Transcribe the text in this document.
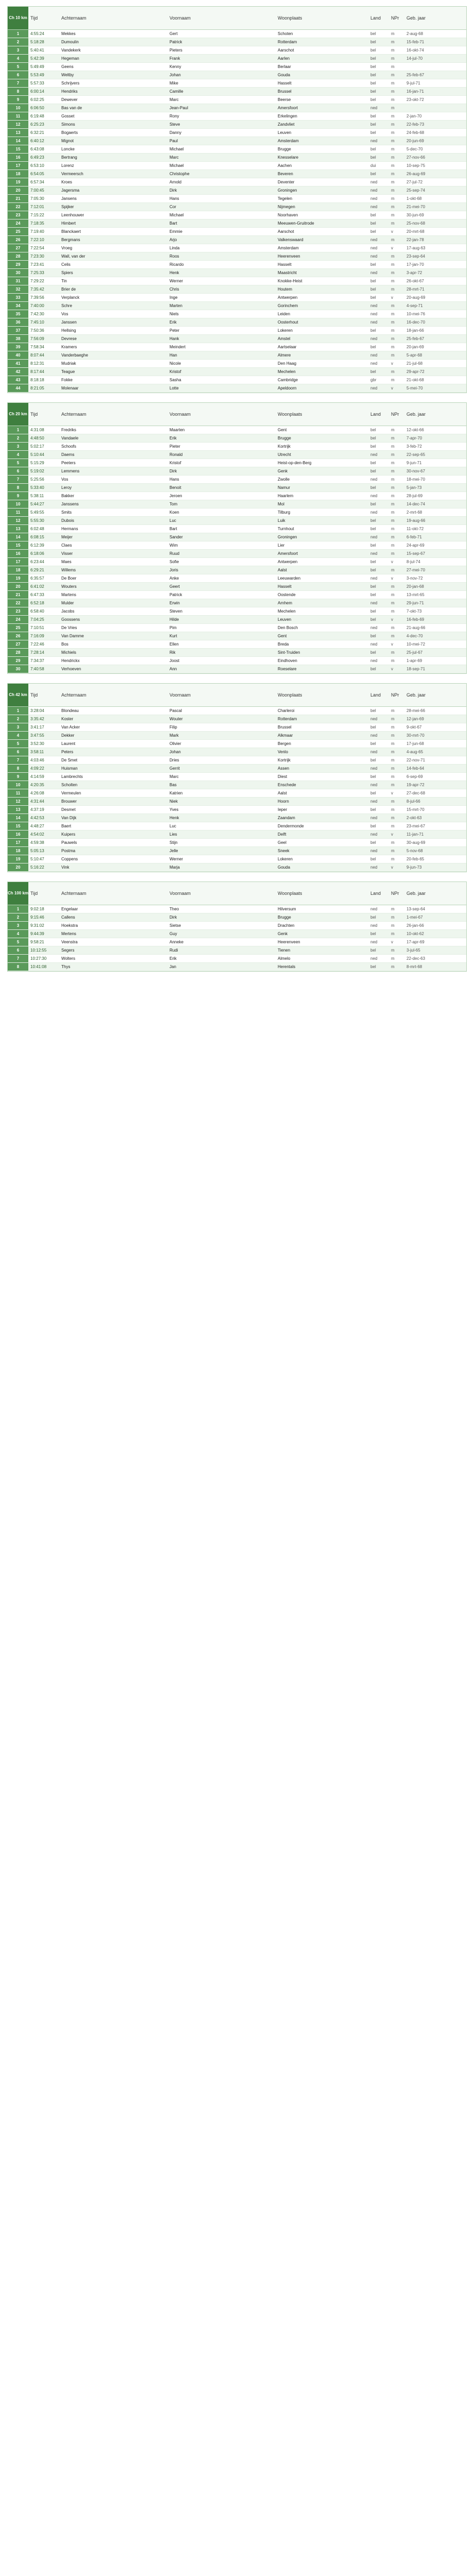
Ch 10 km Tijd	Achternaam	Voornaam	Woonplaats	Land	NPr	Geb. jaar
1	4:55:24	Mekkes	Gert	Schoten	bel	m	2-aug-68
2	5:18:28	Dumoulin	Patrick	Rotterdam	bel	m	15-feb-71
3	5:40:41	Vandekerk	Pieters	Aarschot	bel	m	16-okt-74
4	5:42:39	Hegeman	Frank	Aarlen	bel	m	14-jul-70
5	5:49:49	Geens	Kenny	Berlaar	bel	m
6	5:53:49	Weltby	Johan	Gouda	bel	m	25-feb-67
7	5:57:33	Schrijvers	Mike	Hasselt	bel	m	9-jul-71
8	6:00:14	Hendriks	Camille	Brussel	bel	m	16-jan-71
9	6:02:25	Dewever	Marc	Beerse	bel	m	23-okt-72
10	6:06:50	Bas van de	Jean-Paul	Amersfoort	ned	m
11	6:19:48	Gosset	Rony	Erkelingen	bel	m	2-jan-70
12	6:25:23	Simons	Steve	Zandvliet	bel	m	22-feb-73
13	6:32:21	Bogaerts	Danny	Leuven	bel	m	24-feb-68
14	6:40:12	Mignot	Paul	Amsterdam	ned	m	20-jun-69
15	6:43:08	Loncke	Michael	Brugge	bel	m	5-dec-70
16	6:49:23	Bertrang	Marc	Knesselare	bel	m	27-nov-66
17	6:53:10	Lorenz	Michael	Aachen	dui	m	10-sep-75
18	6:54:05	Vermeersch	Christophe	Beveren	bel	m	26-aug-69
19	6:57:34	Kroes	Arnold	Deventer	ned	m	27-jul-72
20	7:00:45	Jagersma	Dirk	Groningen	ned	m	25-sep-74
21	7:05:30	Jansens	Hans	Tegelen	ned	m	1-okt-68
22	7:12:01	Spijker	Cor	Nijmegen	ned	m	21-mei-70
23	7:15:22	Leenhouwer	Michael	Noorhaven	bel	m	30-jun-69
24	7:18:35	Himbert	Bart	Meeuwen-Gruitrode	bel	m	25-nov-68
25	7:19:40	Blanckaert	Emmie	Aarschot	bel	v	20-mrt-68
26	7:22:10	Bergmans	Arjo	Valkenswaard	ned	m	22-jan-78
27	7:22:54	Vroeg	Linda	Amsterdam	ned	v	17-aug-63
28	7:23:30	Wall, van der	Roos	Heerenveen	ned	m	23-sep-64
29	7:23:41	Celis	Ricardo	Hasselt	bel	m	17-jan-70
30	7:25:33	Spiers	Henk	Maastricht	ned	m	3-apr-72
31	7:29:22	Tin	Werner	Knokke-Heist	bel	m	26-okt-67
32	7:35:42	Brier de	Chris	Houtem	bel	m	28-mrt-71
33	7:39:56	Verplanck	Inge	Antwerpen	bel	v	20-aug-69
34	7:40:00	Schre	Marten	Gorinchem	ned	m	4-sep-71
35	7:42:30	Vos	Niels	Leiden	ned	m	10-mei-76
36	7:45:10	Janssen	Erik	Oosterhout	ned	m	16-dec-70
37	7:50:36	Hellsing	Peter	Lokeren	bel	m	18-jan-66
38	7:56:09	Devrese	Hank	Amstel	ned	m	25-feb-67
39	7:58:34	Kramers	Meindert	Aartselaar	bel	m	20-jan-69
40	8:07:44	Vanderbaeghe	Han	Almere	ned	m	5-apr-68
41	8:12:31	Mudriak	Nicole	Den Haag	ned	v	21-jul-68
42	8:17:44	Teague	Kristof	Mechelen	bel	m	29-apr-72
43	8:18:18	Fokke	Sasha	Cambridge	gbr	m	21-okt-68
44	8:21:05	Molenaar	Lotte	Apeldoorn	ned	v	5-mei-70
Ch 20 km Tijd	Achternaam	Voornaam	Woonplaats	Land	NPr	Geb. jaar
1	4:31:08	Fredriks	Maarten	Gent	bel	m	12-okt-66
2	4:48:50	Vandaele	Erik	Brugge	bel	m	7-apr-70
3	5:02:17	Schoofs	Pieter	Kortrijk	bel	m	3-feb-72
4	5:10:44	Daems	Ronald	Utrecht	ned	m	22-sep-65
5	5:15:29	Peeters	Kristof	Heist-op-den-Berg	bel	m	9-jun-71
6	5:19:02	Lemmens	Dirk	Genk	bel	m	30-nov-67
7	5:25:56	Vos	Hans	Zwolle	ned	m	18-mei-70
8	5:33:40	Leroy	Benoit	Namur	bel	m	5-jan-73
9	5:38:11	Bakker	Jeroen	Haarlem	ned	m	28-jul-69
10	5:44:27	Janssens	Tom	Mol	bel	m	14-dec-74
11	5:49:55	Smits	Koen	Tilburg	ned	m	2-mrt-68
12	5:55:30	Dubois	Luc	Luik	bel	m	19-aug-66
13	6:02:48	Hermans	Bart	Turnhout	bel	m	11-okt-72
14	6:08:15	Meijer	Sander	Groningen	ned	m	6-feb-71
15	6:12:39	Claes	Wim	Lier	bel	m	24-apr-69
16	6:18:06	Visser	Ruud	Amersfoort	ned	m	15-sep-67
17	6:23:44	Maes	Sofie	Antwerpen	bel	v	8-jul-74
18	6:29:21	Willems	Joris	Aalst	bel	m	27-mei-70
19	6:35:57	De Boer	Anke	Leeuwarden	ned	v	3-nov-72
20	6:41:02	Wouters	Geert	Hasselt	bel	m	20-jan-68
21	6:47:33	Martens	Patrick	Oostende	bel	m	13-mrt-65
22	6:52:18	Mulder	Erwin	Arnhem	ned	m	29-jun-71
23	6:58:40	Jacobs	Steven	Mechelen	bel	m	7-okt-73
24	7:04:25	Goossens	Hilde	Leuven	bel	v	16-feb-69
25	7:10:51	De Vries	Pim	Den Bosch	ned	m	21-aug-66
26	7:16:09	Van Damme	Kurt	Gent	bel	m	4-dec-70
27	7:22:46	Bos	Ellen	Breda	ned	v	10-mei-72
28	7:28:14	Michiels	Rik	Sint-Truiden	bel	m	25-jul-67
29	7:34:37	Hendrickx	Joost	Eindhoven	ned	m	1-apr-69
30	7:40:58	Verhoeven	Ann	Roeselare	bel	v	18-sep-71
Ch 42 km Tijd	Achternaam	Voornaam	Woonplaats	Land	NPr	Geb. jaar
1	3:28:04	Blondeau	Pascal	Charleroi	bel	m	28-mei-66
2	3:35:42	Koster	Wouter	Rotterdam	ned	m	12-jan-69
3	3:41:17	Van Acker	Filip	Brussel	bel	m	9-okt-67
4	3:47:55	Dekker	Mark	Alkmaar	ned	m	30-mrt-70
5	3:52:30	Laurent	Olivier	Bergen	bel	m	17-jun-68
6	3:58:11	Peters	Johan	Venlo	ned	m	4-aug-65
7	4:03:46	De Smet	Dries	Kortrijk	bel	m	22-nov-71
8	4:09:22	Huisman	Gerrit	Assen	ned	m	14-feb-64
9	4:14:59	Lambrechts	Marc	Diest	bel	m	6-sep-69
10	4:20:35	Scholten	Bas	Enschede	ned	m	19-apr-72
11	4:26:08	Vermeulen	Katrien	Aalst	bel	v	27-dec-68
12	4:31:44	Brouwer	Niek	Hoorn	ned	m	8-jul-66
13	4:37:19	Desmet	Yves	Ieper	bel	m	15-mrt-70
14	4:42:53	Van Dijk	Henk	Zaandam	ned	m	2-okt-63
15	4:48:27	Baert	Luc	Dendermonde	bel	m	23-mei-67
16	4:54:02	Kuipers	Lies	Delft	ned	v	11-jan-71
17	4:59:38	Pauwels	Stijn	Geel	bel	m	30-aug-69
18	5:05:13	Postma	Jelle	Sneek	ned	m	5-nov-68
19	5:10:47	Coppens	Werner	Lokeren	bel	m	20-feb-65
20	5:16:22	Vink	Marja	Gouda	ned	v	9-jun-73
Ch 100 km Tijd	Achternaam	Voornaam	Woonplaats	Land	NPr	Geb. jaar
1	9:02:18	Engelaar	Theo	Hilversum	ned	m	13-sep-64
2	9:15:46	Callens	Dirk	Brugge	bel	m	1-mei-67
3	9:31:02	Hoekstra	Sietse	Drachten	ned	m	26-jan-66
4	9:44:39	Mertens	Guy	Genk	bel	m	10-okt-62
5	9:58:21	Veenstra	Anneke	Heerenveen	ned	v	17-apr-69
6	10:12:55	Segers	Rudi	Tienen	bel	m	3-jul-65
7	10:27:30	Wolters	Erik	Almelo	ned	m	22-dec-63
8	10:41:08	Thys	Jan	Herentals	bel	m	8-mrt-68
